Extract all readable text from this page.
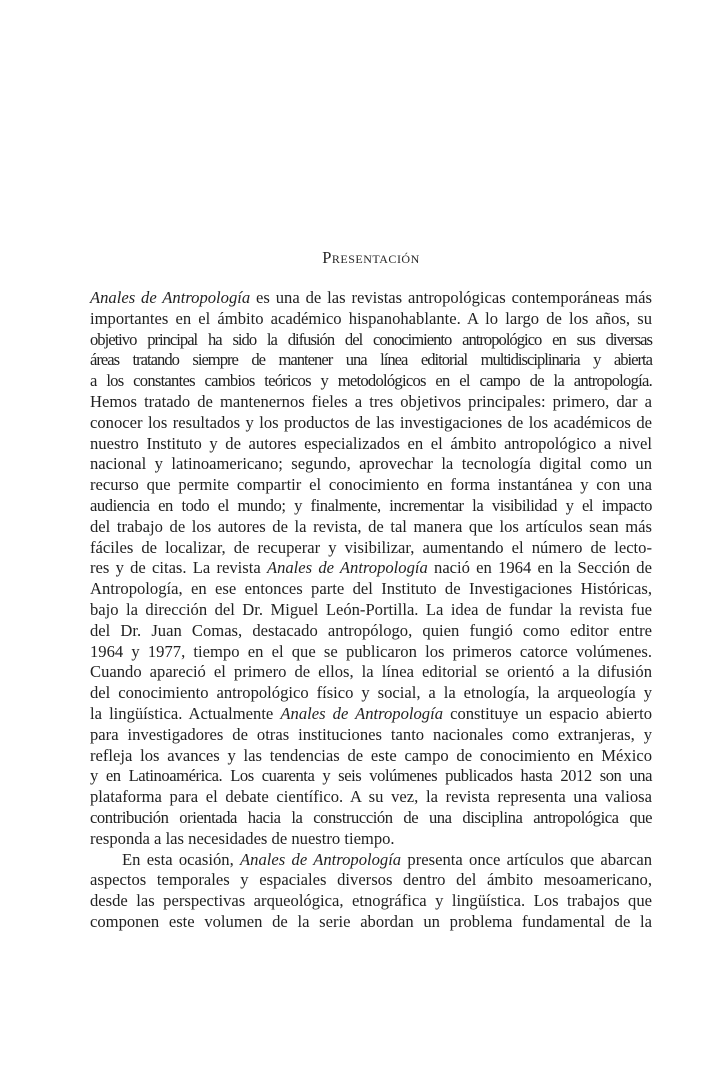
Presentación
Anales de Antropología es una de las revistas antropológicas contemporáneas más
importantes en el ámbito académico hispanohablante. A lo largo de los años, su
objetivo principal ha sido la difusión del conocimiento antropológico en sus diversas
áreas tratando siempre de mantener una línea editorial multidisciplinaria y abierta
a los constantes cambios teóricos y metodológicos en el campo de la antropología.
Hemos tratado de mantenernos fieles a tres objetivos principales: primero, dar a
conocer los resultados y los productos de las investigaciones de los académicos de
nuestro Instituto y de autores especializados en el ámbito antropológico a nivel
nacional y latinoamericano; segundo, aprovechar la tecnología digital como un
recurso que permite compartir el conocimiento en forma instantánea y con una
audiencia en todo el mundo; y finalmente, incrementar la visibilidad y el impacto
del trabajo de los autores de la revista, de tal manera que los artículos sean más
fáciles de localizar, de recuperar y visibilizar, aumentando el número de lecto-
res y de citas. La revista Anales de Antropología nació en 1964 en la Sección de
Antropología, en ese entonces parte del Instituto de Investigaciones Históricas,
bajo la dirección del Dr. Miguel León-Portilla. La idea de fundar la revista fue
del Dr. Juan Comas, destacado antropólogo, quien fungió como editor entre
1964 y 1977, tiempo en el que se publicaron los primeros catorce volúmenes.
Cuando apareció el primero de ellos, la línea editorial se orientó a la difusión
del conocimiento antropológico físico y social, a la etnología, la arqueología y
la lingüística. Actualmente Anales de Antropología constituye un espacio abierto
para investigadores de otras instituciones tanto nacionales como extranjeras, y
refleja los avances y las tendencias de este campo de conocimiento en México
y en Latinoamérica. Los cuarenta y seis volúmenes publicados hasta 2012 son una
plataforma para el debate científico. A su vez, la revista representa una valiosa
contribución orientada hacia la construcción de una disciplina antropológica que
responda a las necesidades de nuestro tiempo.
En esta ocasión, Anales de Antropología presenta once artículos que abarcan
aspectos temporales y espaciales diversos dentro del ámbito mesoamericano,
desde las perspectivas arqueológica, etnográfica y lingüística. Los trabajos que
componen este volumen de la serie abordan un problema fundamental de la
